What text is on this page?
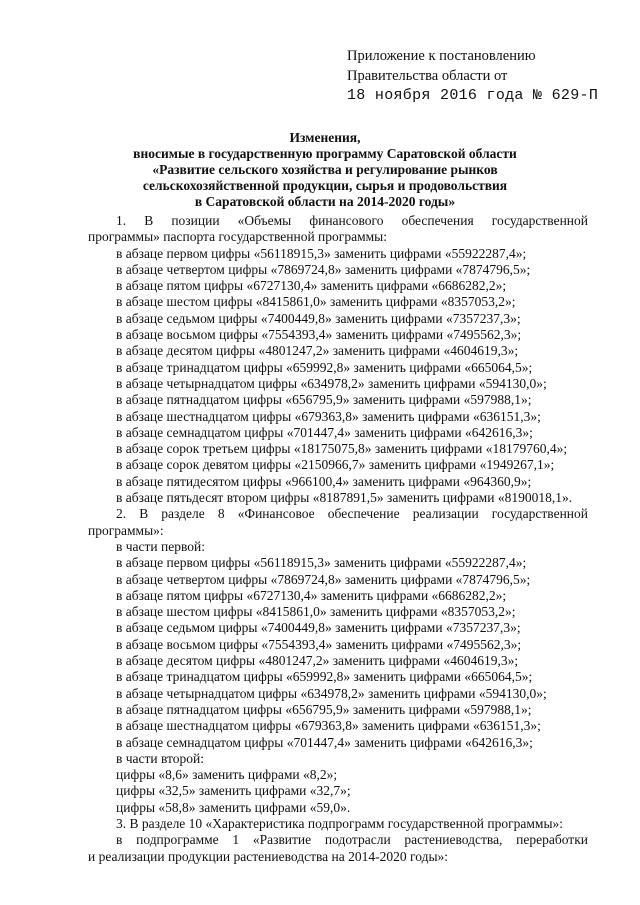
Приложение к постановлению
Правительства области от
18 ноября 2016 года № 629-П
Изменения,
вносимые в государственную программу Саратовской области
«Развитие сельского хозяйства и регулирование рынков
сельскохозяйственной продукции, сырья и продовольствия
в Саратовской области на 2014-2020 годы»
1. В позиции «Объемы финансового обеспечения государственной
программы» паспорта государственной программы:
в абзаце первом цифры «56118915,3» заменить цифрами «55922287,4»;
в абзаце четвертом цифры «7869724,8» заменить цифрами «7874796,5»;
в абзаце пятом цифры «6727130,4» заменить цифрами «6686282,2»;
в абзаце шестом цифры «8415861,0» заменить цифрами «8357053,2»;
в абзаце седьмом цифры «7400449,8» заменить цифрами «7357237,3»;
в абзаце восьмом цифры «7554393,4» заменить цифрами «7495562,3»;
в абзаце десятом цифры «4801247,2» заменить цифрами «4604619,3»;
в абзаце тринадцатом цифры «659992,8» заменить цифрами «665064,5»;
в абзаце четырнадцатом цифры «634978,2» заменить цифрами «594130,0»;
в абзаце пятнадцатом цифры «656795,9» заменить цифрами «597988,1»;
в абзаце шестнадцатом цифры «679363,8» заменить цифрами «636151,3»;
в абзаце семнадцатом цифры «701447,4» заменить цифрами «642616,3»;
в абзаце сорок третьем цифры «18175075,8» заменить цифрами «18179760,4»;
в абзаце сорок девятом цифры «2150966,7» заменить цифрами «1949267,1»;
в абзаце пятидесятом цифры «966100,4» заменить цифрами «964360,9»;
в абзаце пятьдесят втором цифры «8187891,5» заменить цифрами «8190018,1».
2. В разделе 8 «Финансовое обеспечение реализации государственной
программы»:
в части первой:
в абзаце первом цифры «56118915,3» заменить цифрами «55922287,4»;
в абзаце четвертом цифры «7869724,8» заменить цифрами «7874796,5»;
в абзаце пятом цифры «6727130,4» заменить цифрами «6686282,2»;
в абзаце шестом цифры «8415861,0» заменить цифрами «8357053,2»;
в абзаце седьмом цифры «7400449,8» заменить цифрами «7357237,3»;
в абзаце восьмом цифры «7554393,4» заменить цифрами «7495562,3»;
в абзаце десятом цифры «4801247,2» заменить цифрами «4604619,3»;
в абзаце тринадцатом цифры «659992,8» заменить цифрами «665064,5»;
в абзаце четырнадцатом цифры «634978,2» заменить цифрами «594130,0»;
в абзаце пятнадцатом цифры «656795,9» заменить цифрами «597988,1»;
в абзаце шестнадцатом цифры «679363,8» заменить цифрами «636151,3»;
в абзаце семнадцатом цифры «701447,4» заменить цифрами «642616,3»;
в части второй:
цифры «8,6» заменить цифрами «8,2»;
цифры «32,5» заменить цифрами «32,7»;
цифры «58,8» заменить цифрами «59,0».
3. В разделе 10 «Характеристика подпрограмм государственной программы»:
в подпрограмме 1 «Развитие подотрасли растениеводства, переработки
и реализации продукции растениеводства на 2014-2020 годы»:
